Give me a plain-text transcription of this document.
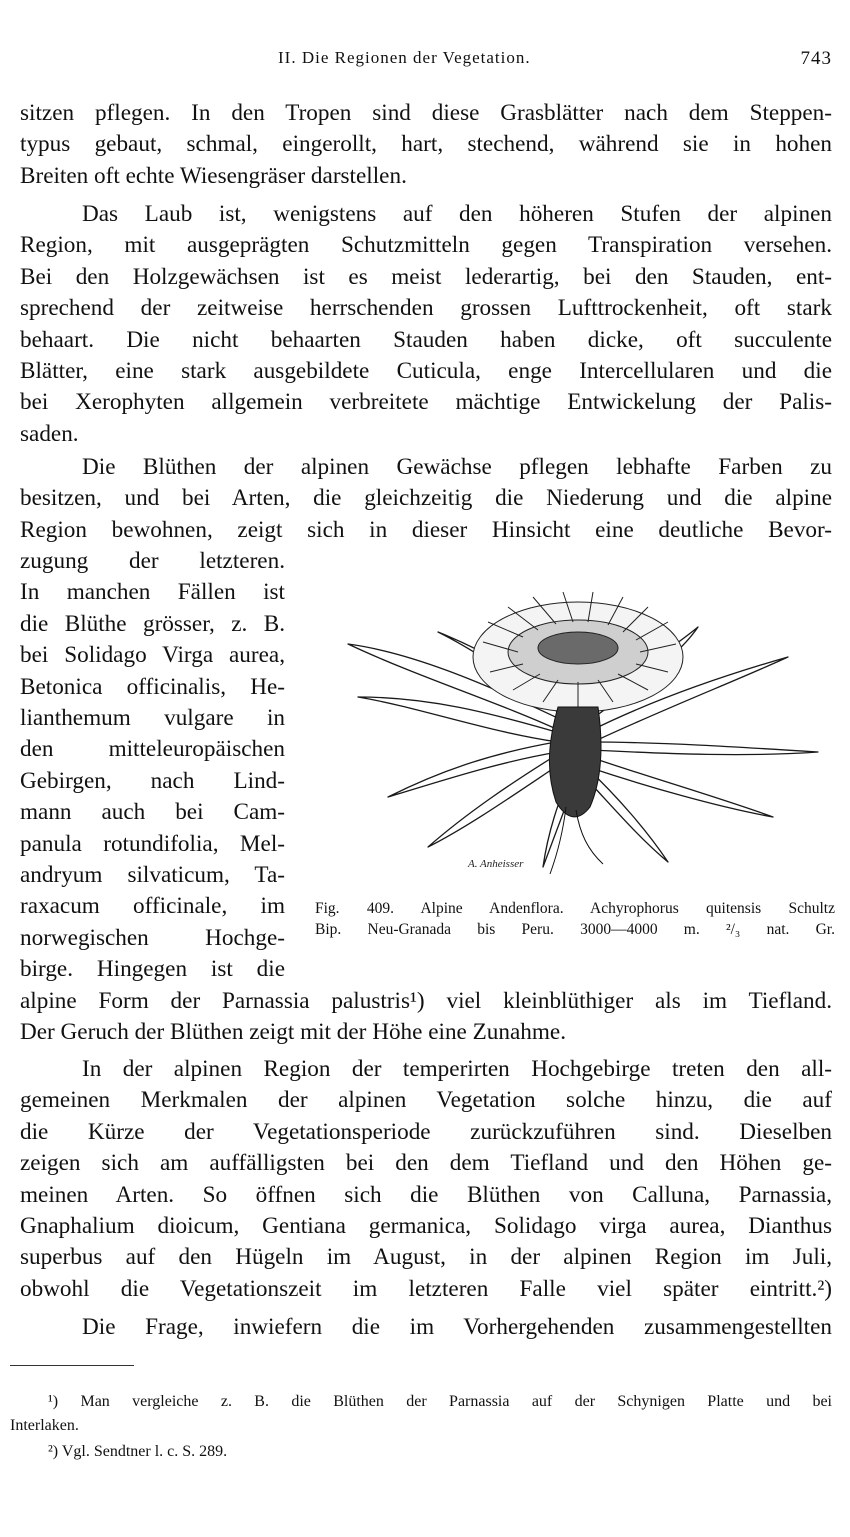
II. Die Regionen der Vegetation.	743
sitzen pflegen. In den Tropen sind diese Grasblätter nach dem Steppen-
typus gebaut, schmal, eingerollt, hart, stechend, während sie in hohen
Breiten oft echte Wiesengräser darstellen.
Das Laub ist, wenigstens auf den höheren Stufen der alpinen
Region, mit ausgeprägten Schutzmitteln gegen Transpiration versehen.
Bei den Holzgewächsen ist es meist lederartig, bei den Stauden, ent-
sprechend der zeitweise herrschenden grossen Lufttrockenheit, oft stark
behaart. Die nicht behaarten Stauden haben dicke, oft succulente
Blätter, eine stark ausgebildete Cuticula, enge Intercellularen und die
bei Xerophyten allgemein verbreitete mächtige Entwickelung der Palis-
saden.
Die Blüthen der alpinen Gewächse pflegen lebhafte Farben zu
besitzen, und bei Arten, die gleichzeitig die Niederung und die alpine
Region bewohnen, zeigt sich in dieser Hinsicht eine deutliche Bevor-
zugung der letzteren.
In manchen Fällen ist
die Blüthe grösser, z. B.
bei Solidago Virga aurea,
Betonica officinalis, He-
lianthemum vulgare in
den mitteleuropäischen
Gebirgen, nach Lind-
mann auch bei Cam-
panula rotundifolia, Mel-
andryum silvaticum, Ta-
raxacum officinale, im
norwegischen Hochge-
birge. Hingegen ist die
A. Anheisser
Fig. 409. Alpine Andenflora. Achyrophorus quitensis Schultz
Bip. Neu-Granada bis Peru. 3000—4000 m. ²/₃ nat. Gr.
alpine Form der Parnassia palustris¹) viel kleinblüthiger als im Tiefland.
Der Geruch der Blüthen zeigt mit der Höhe eine Zunahme.
In der alpinen Region der temperirten Hochgebirge treten den all-
gemeinen Merkmalen der alpinen Vegetation solche hinzu, die auf
die Kürze der Vegetationsperiode zurückzuführen sind. Dieselben
zeigen sich am auffälligsten bei den dem Tiefland und den Höhen ge-
meinen Arten. So öffnen sich die Blüthen von Calluna, Parnassia,
Gnaphalium dioicum, Gentiana germanica, Solidago virga aurea, Dianthus
superbus auf den Hügeln im August, in der alpinen Region im Juli,
obwohl die Vegetationszeit im letzteren Falle viel später eintritt.²)
Die Frage, inwiefern die im Vorhergehenden zusammengestellten
¹) Man vergleiche z. B. die Blüthen der Parnassia auf der Schynigen Platte und bei
Interlaken.
²) Vgl. Sendtner l. c. S. 289.
